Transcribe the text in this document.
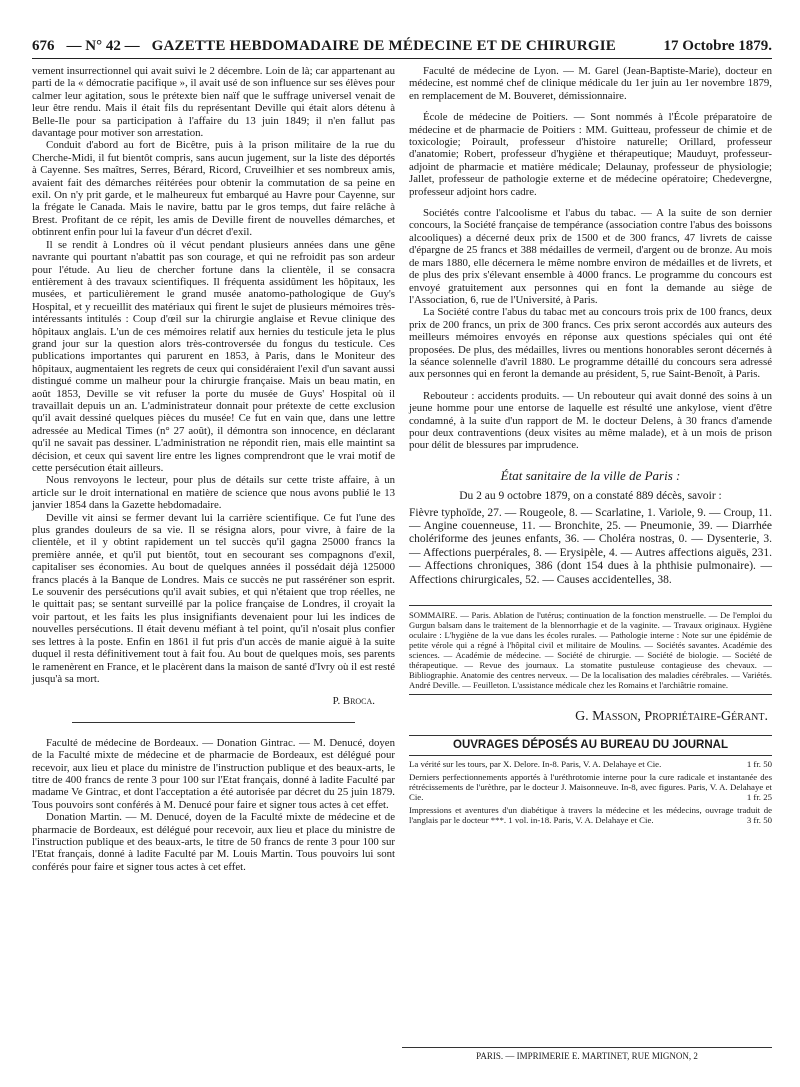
676 — N° 42 — GAZETTE HEBDOMADAIRE DE MÉDECINE ET DE CHIRURGIE	17 Octobre 1879.

vement insurrectionnel qui avait suivi le 2 décembre. Loin de là; car appartenant au parti de la « démocratie pacifique », il avait usé de son influence sur ses élèves pour calmer leur agitation, sous le prétexte bien naïf que le suffrage universel venait de leur être rendu. Mais il était fils du représentant Deville qui était alors détenu à Belle-Ile pour sa participation à l'affaire du 13 juin 1849; il n'en fallut pas davantage pour motiver son arrestation.

Conduit d'abord au fort de Bicêtre, puis à la prison militaire de la rue du Cherche-Midi, il fut bientôt compris, sans aucun jugement, sur la liste des déportés à Cayenne. Ses maîtres, Serres, Bérard, Ricord, Cruveilhier et ses nombreux amis, avaient fait des démarches réitérées pour obtenir la commutation de sa peine en exil. On n'y prit garde, et le malheureux fut embarqué au Havre pour Cayenne, sur la frégate le Canada. Mais le navire, battu par le gros temps, dut faire relâche à Brest. Profitant de ce répit, les amis de Deville firent de nouvelles démarches, et obtinrent enfin pour lui la faveur d'un décret d'exil.

Il se rendit à Londres où il vécut pendant plusieurs années dans une gêne navrante qui pourtant n'abattit pas son courage, et qui ne refroidit pas son ardeur pour l'étude. Au lieu de chercher fortune dans la clientèle, il se consacra entièrement à des travaux scientifiques. Il fréquenta assidûment les hôpitaux, les musées, et particulièrement le grand musée anatomo-pathologique de Guy's Hospital, et y recueillit des matériaux qui firent le sujet de plusieurs mémoires très-intéressants intitulés : Coup d'œil sur la chirurgie anglaise et Revue clinique des hôpitaux anglais. L'un de ces mémoires relatif aux hernies du testicule jeta le plus grand jour sur la question alors très-controversée du fongus du testicule. Ces publications importantes qui parurent en 1853, à Paris, dans le Moniteur des hôpitaux, augmentaient les regrets de ceux qui considéraient l'exil d'un savant aussi distingué comme un malheur pour la chirurgie française. Mais un beau matin, en août 1853, Deville se vit refuser la porte du musée de Guys' Hospital où il travaillait depuis un an. L'administrateur donnait pour prétexte de cette exclusion qu'il avait dessiné quelques pièces du musée! Ce fut en vain que, dans une lettre adressée au Medical Times (n° 27 août), il démontra son innocence, en déclarant qu'il ne savait pas dessiner. L'administration ne répondit rien, mais elle maintint sa décision, et ceux qui savent lire entre les lignes comprendront que le vrai motif de cette persécution était ailleurs.

Nous renvoyons le lecteur, pour plus de détails sur cette triste affaire, à un article sur le droit international en matière de science que nous avons publié le 13 janvier 1854 dans la Gazette hebdomadaire.

Deville vit ainsi se fermer devant lui la carrière scientifique. Ce fut l'une des plus grandes douleurs de sa vie. Il se résigna alors, pour vivre, à faire de la clientèle, et il y obtint rapidement un tel succès qu'il gagna 25000 francs la première année, et qu'il put bientôt, tout en secourant ses compagnons d'exil, capitaliser ses économies. Au bout de quelques années il possédait déjà 125000 francs placés à la Banque de Londres. Mais ce succès ne put rasséréner son esprit. Le souvenir des persécutions qu'il avait subies, et qui n'étaient que trop réelles, ne le quittait pas; se sentant surveillé par la police française de Londres, il croyait la voir partout, et les faits les plus insignifiants devenaient pour lui les indices de nouvelles persécutions. Il était devenu méfiant à tel point, qu'il n'osait plus confier ses lettres à la poste. Enfin en 1861 il fut pris d'un accès de manie aiguë à la suite duquel il resta définitivement tout à fait fou. Au bout de quelques mois, ses parents le ramenèrent en France, et le placèrent dans la maison de santé d'Ivry où il est resté jusqu'à sa mort.

P. Broca.

Faculté de médecine de Bordeaux. — Donation Gintrac. — M. Denucé, doyen de la Faculté mixte de médecine et de pharmacie de Bordeaux, est délégué pour recevoir, aux lieu et place du ministre de l'instruction publique et des beaux-arts, le titre de 400 francs de rente 3 pour 100 sur l'Etat français, donné à ladite Faculté par madame Ve Gintrac, et dont l'acceptation a été autorisée par décret du 25 juin 1879. Tous pouvoirs sont conférés à M. Denucé pour faire et signer tous actes à cet effet.

Donation Martin. — M. Denucé, doyen de la Faculté mixte de médecine et de pharmacie de Bordeaux, est délégué pour recevoir, aux lieu et place du ministre de l'instruction publique et des beaux-arts, le titre de 50 francs de rente 3 pour 100 sur l'Etat français, donné à ladite Faculté par M. Louis Martin. Tous pouvoirs lui sont conférés pour faire et signer tous actes à cet effet.

Faculté de médecine de Lyon. — M. Garel (Jean-Baptiste-Marie), docteur en médecine, est nommé chef de clinique médicale du 1er juin au 1er novembre 1879, en remplacement de M. Bouveret, démissionnaire.

École de médecine de Poitiers. — Sont nommés à l'École préparatoire de médecine et de pharmacie de Poitiers : MM. Guitteau, professeur de chimie et de toxicologie; Poirault, professeur d'histoire naturelle; Orillard, professeur d'anatomie; Robert, professeur d'hygiène et thérapeutique; Mauduyt, professeur-adjoint de pharmacie et matière médicale; Delaunay, professeur de physiologie; Jallet, professeur de pathologie externe et de médecine opératoire; Chedevergne, professeur adjoint hors cadre.

Sociétés contre l'alcoolisme et l'abus du tabac. — A la suite de son dernier concours, la Société française de tempérance (association contre l'abus des boissons alcooliques) a décerné deux prix de 1500 et de 300 francs, 47 livrets de caisse d'épargne de 25 francs et 388 médailles de vermeil, d'argent ou de bronze. Au mois de mars 1880, elle décernera le même nombre environ de médailles et de livrets, et de plus des prix s'élevant ensemble à 4000 francs. Le programme du concours est envoyé gratuitement aux personnes qui en font la demande au siège de l'Association, 6, rue de l'Université, à Paris.

La Société contre l'abus du tabac met au concours trois prix de 100 francs, deux prix de 200 francs, un prix de 300 francs. Ces prix seront accordés aux auteurs des meilleurs mémoires envoyés en réponse aux questions spéciales qui ont été proposées. De plus, des médailles, livres ou mentions honorables seront décernés à la séance solennelle d'avril 1880. Le programme détaillé du concours sera adressé aux personnes qui en feront la demande au président, 5, rue Saint-Benoît, à Paris.

Rebouteur : accidents produits. — Un rebouteur qui avait donné des soins à un jeune homme pour une entorse de laquelle est résulté une ankylose, vient d'être condamné, à la suite d'un rapport de M. le docteur Delens, à 30 francs d'amende pour deux contraventions (deux visites au même malade), et à un mois de prison pour délit de blessures par imprudence.

État sanitaire de la ville de Paris :
Du 2 au 9 octobre 1879, on a constaté 889 décès, savoir :
Fièvre typhoïde, 27. — Rougeole, 8. — Scarlatine, 1. Variole, 9. — Croup, 11. — Angine couenneuse, 11. — Bronchite, 25. — Pneumonie, 39. — Diarrhée cholériforme des jeunes enfants, 36. — Choléra nostras, 0. — Dysenterie, 3. — Affections puerpérales, 8. — Erysipèle, 4. — Autres affections aiguës, 231. — Affections chroniques, 386 (dont 154 dues à la phthisie pulmonaire). — Affections chirurgicales, 52. — Causes accidentelles, 38.
SOMMAIRE. — Paris. Ablation de l'utérus; continuation de la fonction menstruelle. — De l'emploi du Gurgun balsam dans le traitement de la blennorrhagie et de la vaginite. — Travaux originaux. Hygiène oculaire : L'hygiène de la vue dans les écoles rurales. — Pathologie interne : Note sur une épidémie de petite vérole qui a régné à l'hôpital civil et militaire de Moulins. — Sociétés savantes. Académie des sciences. — Académie de médecine. — Société de chirurgie. — Société de biologie. — Société de thérapeutique. — Revue des journaux. La stomatite pustuleuse contagieuse des chevaux. — Bibliographie. Anatomie des centres nerveux. — De la localisation des maladies cérébrales. — Variétés. André Deville. — Feuilleton. L'assistance médicale chez les Romains et l'archiâtrie romaine.
G. Masson, Propriétaire-Gérant.
OUVRAGES DÉPOSÉS AU BUREAU DU JOURNAL
La vérité sur les tours, par X. Delore. In-8. Paris, V. A. Delahaye et Cie.	1 fr. 50
Derniers perfectionnements apportés à l'uréthrotomie interne pour la cure radicale et instantanée des rétrécissements de l'urèthre, par le docteur J. Maisonneuve. In-8, avec figures. Paris, V. A. Delahaye et Cie.	1 fr. 25
Impressions et aventures d'un diabétique à travers la médecine et les médecins, ouvrage traduit de l'anglais par le docteur ***. 1 vol. in-18. Paris, V. A. Delahaye et Cie.	3 fr. 50
PARIS. — IMPRIMERIE E. MARTINET, RUE MIGNON, 2
